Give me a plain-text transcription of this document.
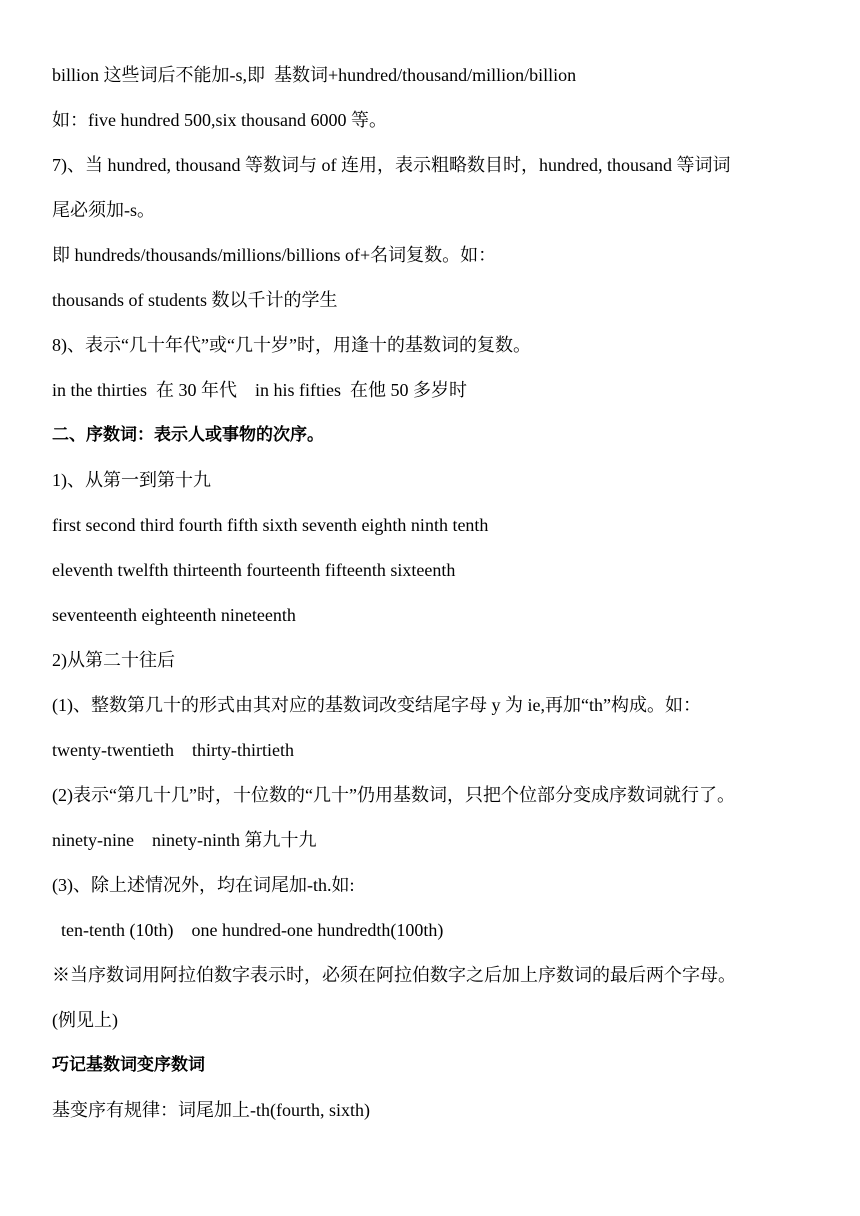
billion 这些词后不能加-s,即  基数词+hundred/thousand/million/billion
如：five hundred 500,six thousand 6000 等。
7)、当 hundred, thousand 等数词与 of 连用，表示粗略数目时，hundred, thousand 等词词
尾必须加-s。
即 hundreds/thousands/millions/billions of+名词复数。如：
thousands of students 数以千计的学生
8)、表示“几十年代”或“几十岁”时，用逢十的基数词的复数。
in the thirties  在 30 年代    in his fifties  在他 50 多岁时
二、序数词：表示人或事物的次序。
1)、从第一到第十九
first second third fourth fifth sixth seventh eighth ninth tenth
eleventh twelfth thirteenth fourteenth fifteenth sixteenth
seventeenth eighteenth nineteenth
2)从第二十往后
(1)、整数第几十的形式由其对应的基数词改变结尾字母 y 为 ie,再加“th”构成。如：
twenty-twentieth    thirty-thirtieth
(2)表示“第几十几”时，十位数的“几十”仍用基数词，只把个位部分变成序数词就行了。
ninety-nine    ninety-ninth 第九十九
(3)、除上述情况外，均在词尾加-th.如:
ten-tenth (10th)    one hundred-one hundredth(100th)
※当序数词用阿拉伯数字表示时，必须在阿拉伯数字之后加上序数词的最后两个字母。
(例见上)
巧记基数词变序数词
基变序有规律：词尾加上-th(fourth, sixth)
